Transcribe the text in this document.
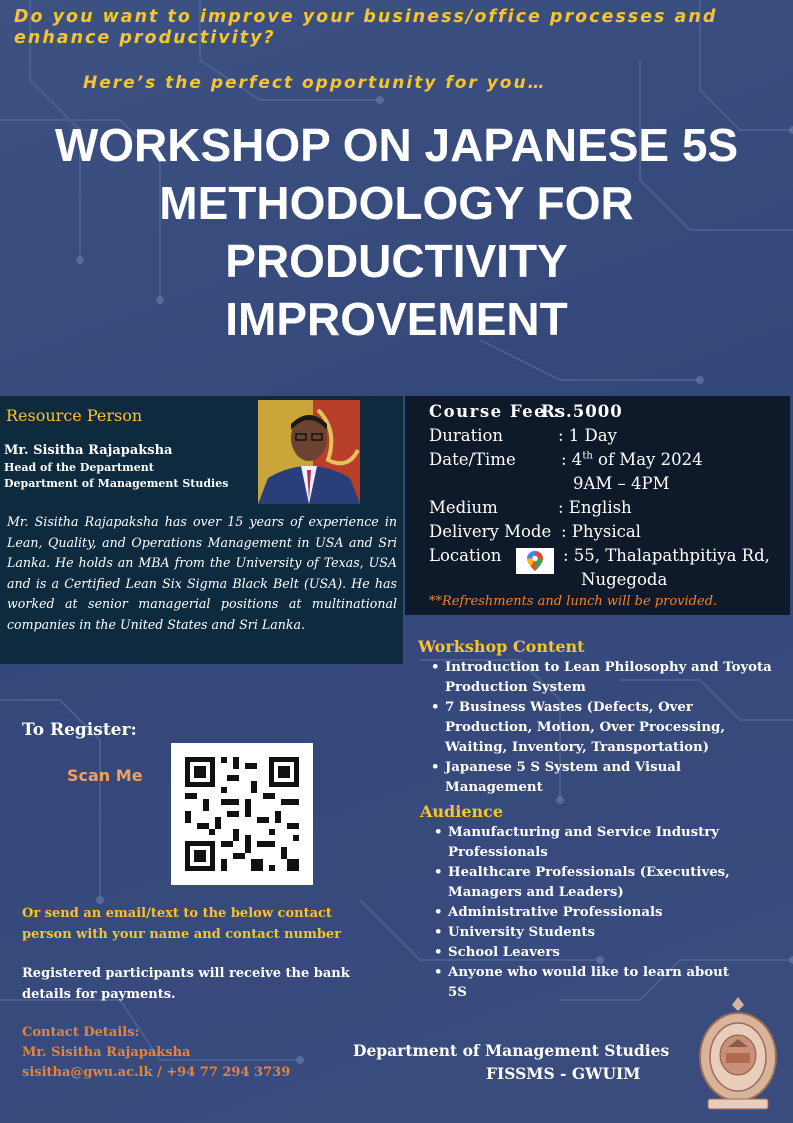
Do you want to improve your business/office processes and enhance productivity?
Here’s the perfect opportunity for you…
WORKSHOP ON JAPANESE 5S
METHODOLOGY FOR
PRODUCTIVITY
IMPROVEMENT
Resource Person
Mr. Sisitha Rajapaksha
Head of the Department
Department of Management Studies
Mr. Sisitha Rajapaksha has over 15 years of experience in Lean, Quality, and Operations Management in USA and Sri Lanka. He holds an MBA from the University of Texas, USA and is a Certified Lean Six Sigma Black Belt (USA). He has worked at senior managerial positions at multinational companies in the United States and Sri Lanka.
Course Fee :
Rs.5000
Duration	: 1 Day
Date/Time	: 4th of May 2024
9AM – 4PM
Medium	: English
Delivery Mode : Physical
Location	: 55, Thalapathpitiya Rd,
Nugegoda
**Refreshments and lunch will be provided.
Workshop Content
• Introduction to Lean Philosophy and Toyota Production System
• 7 Business Wastes (Defects, Over Production, Motion, Over Processing, Waiting, Inventory, Transportation)
• Japanese 5 S System and Visual Management
Audience
• Manufacturing and Service Industry Professionals
• Healthcare Professionals (Executives, Managers and Leaders)
• Administrative Professionals
• University Students
• School Leavers
• Anyone who would like to learn about 5S
To Register:
Scan Me
Or send an email/text to the below contact person with your name and contact number
Registered participants will receive the bank details for payments.
Contact Details:
Mr. Sisitha Rajapaksha
sisitha@gwu.ac.lk / +94 77 294 3739
Department of Management Studies
FISSMS - GWUIM
